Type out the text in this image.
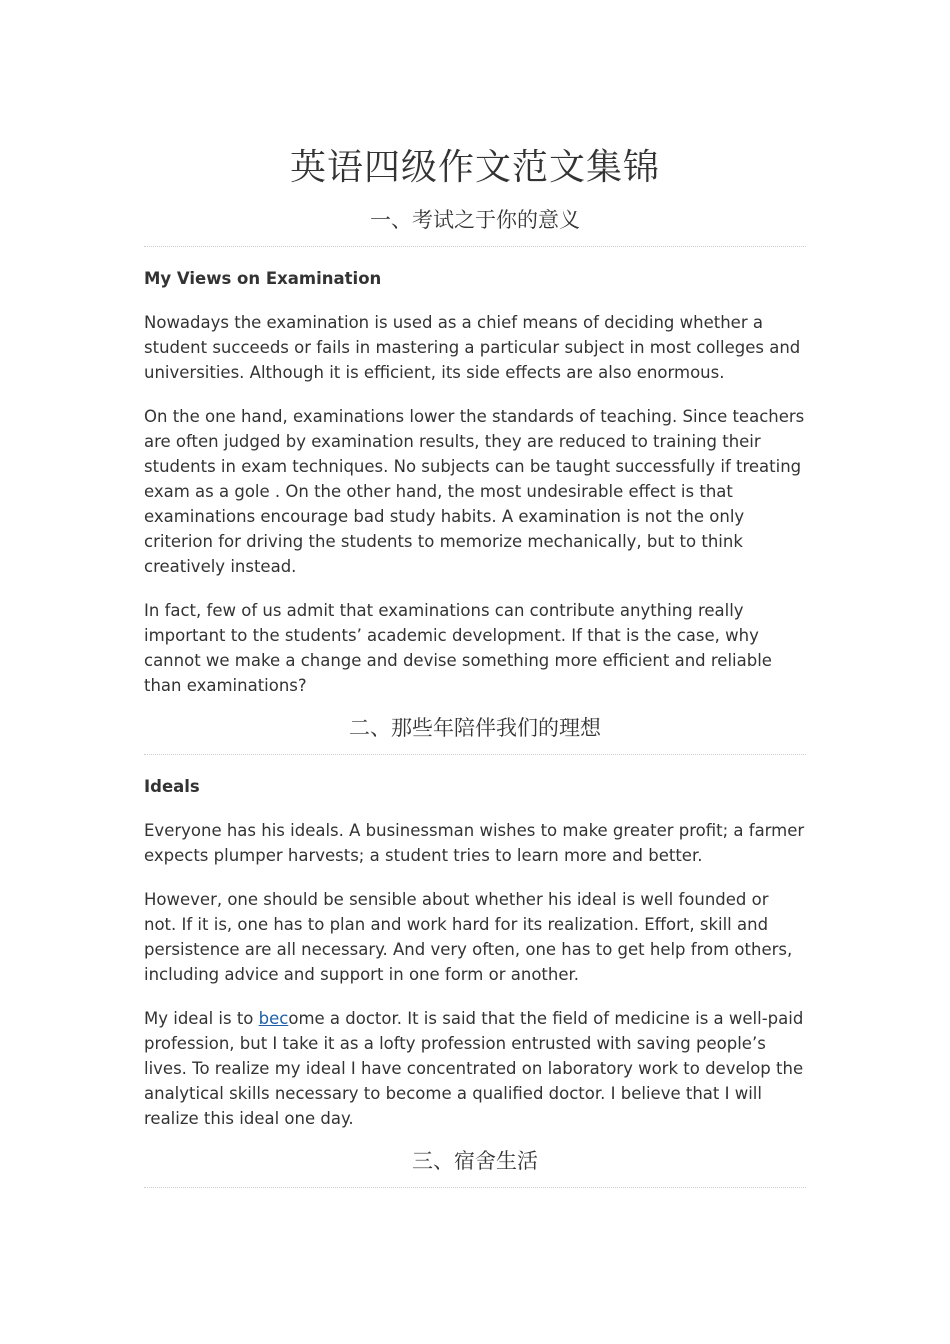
英语四级作文范文集锦
一、考试之于你的意义

My Views on Examination

Nowadays the examination is used as a chief means of deciding whether a student succeeds or fails in mastering a particular subject in most colleges and universities. Although it is efficient, its side effects are also enormous.

On the one hand, examinations lower the standards of teaching. Since teachers are often judged by examination results, they are reduced to training their students in exam techniques. No subjects can be taught successfully if treating exam as a gole . On the other hand, the most undesirable effect is that examinations encourage bad study habits. A examination is not the only criterion for driving the students to memorize mechanically, but to think creatively instead.

In fact, few of us admit that examinations can contribute anything really important to the students’ academic development. If that is the case, why cannot we make a change and devise something more efficient and reliable than examinations?

二、那些年陪伴我们的理想

Ideals

Everyone has his ideals. A businessman wishes to make greater profit; a farmer expects plumper harvests; a student tries to learn more and better.

However, one should be sensible about whether his ideal is well founded or not. If it is, one has to plan and work hard for its realization. Effort, skill and persistence are all necessary. And very often, one has to get help from others, including advice and support in one form or another.

My ideal is to become a doctor. It is said that the field of medicine is a well-paid profession, but I take it as a lofty profession entrusted with saving people’s lives. To realize my ideal I have concentrated on laboratory work to develop the analytical skills necessary to become a qualified doctor. I believe that I will realize this ideal one day.

三、宿舍生活
